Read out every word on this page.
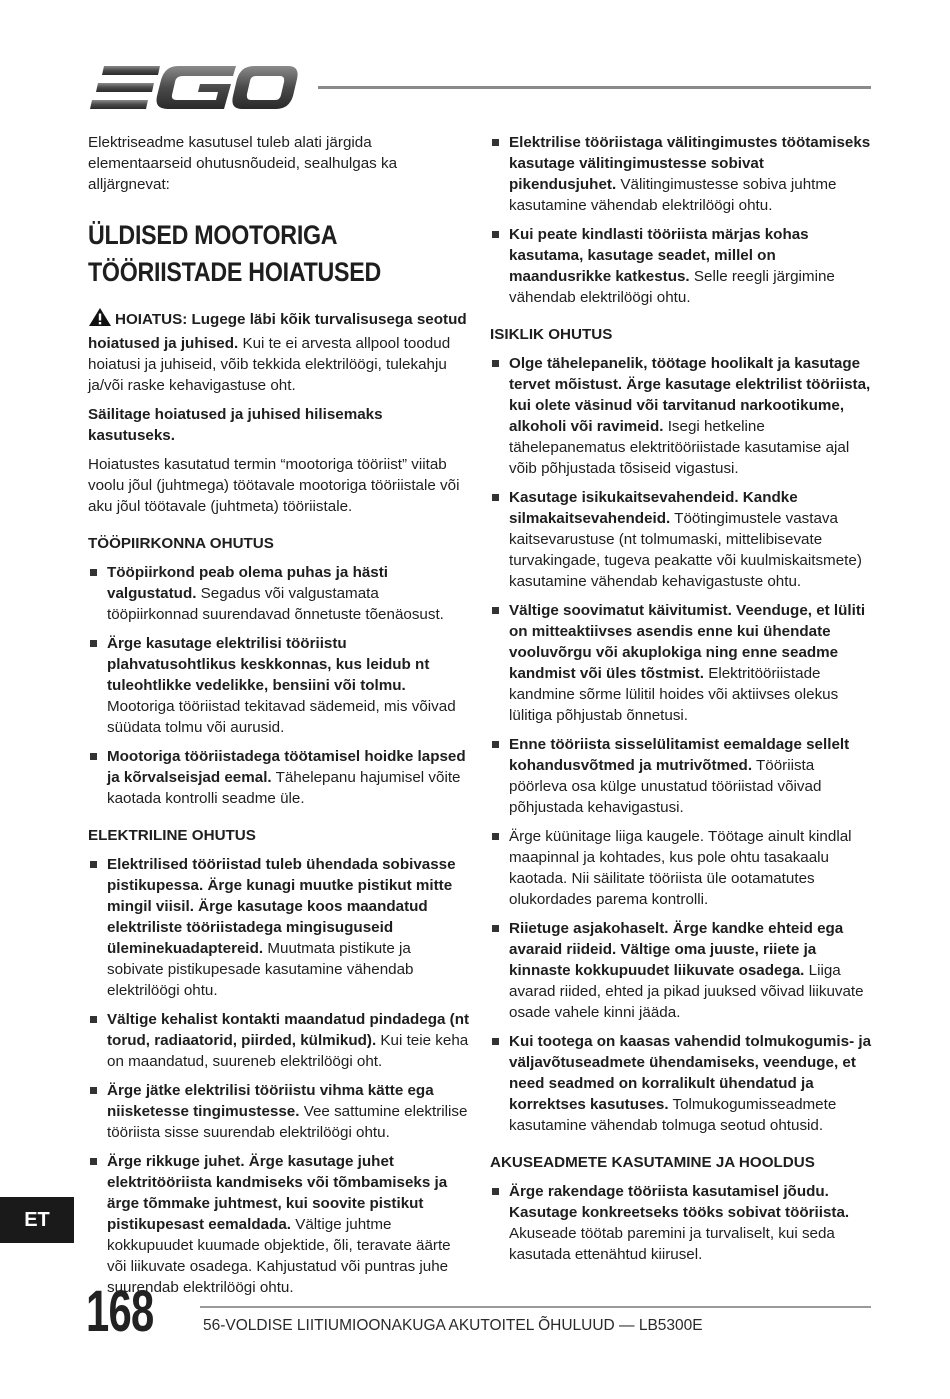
Elektriseadme kasutusel tuleb alati järgida elementaarseid ohutusnõudeid, sealhulgas ka alljärgnevat:

ÜLDISED MOOTORIGA TÖÖRIISTADE HOIATUSED

HOIATUS: Lugege läbi kõik turvalisusega seotud hoiatused ja juhised. Kui te ei arvesta allpool toodud hoiatusi ja juhiseid, võib tekkida elektrilöögi, tulekahju ja/või raske kehavigastuse oht.

Säilitage hoiatused ja juhised hilisemaks kasutuseks.

Hoiatustes kasutatud termin “mootoriga tööriist” viitab voolu jõul (juhtmega) töötavale mootoriga tööriistale või aku jõul töötavale (juhtmeta) tööriistale.

TÖÖPIIRKONNA OHUTUS
Tööpiirkond peab olema puhas ja hästi valgustatud. Segadus või valgustamata tööpiirkonnad suurendavad õnnetuste tõenäosust.
Ärge kasutage elektrilisi tööriistu plahvatusohtlikus keskkonnas, kus leidub nt tuleohtlikke vedelikke, bensiini või tolmu. Mootoriga tööriistad tekitavad sädemeid, mis võivad süüdata tolmu või aurusid.
Mootoriga tööriistadega töötamisel hoidke lapsed ja kõrvalseisjad eemal. Tähelepanu hajumisel võite kaotada kontrolli seadme üle.
ELEKTRILINE OHUTUS
Elektrilised tööriistad tuleb ühendada sobivasse pistikupessa. Ärge kunagi muutke pistikut mitte mingil viisil. Ärge kasutage koos maandatud elektriliste tööriistadega mingisuguseid üleminekuadaptereid. Muutmata pistikute ja sobivate pistikupesade kasutamine vähendab elektrilöögi ohtu.
Vältige kehalist kontakti maandatud pindadega (nt torud, radiaatorid, piirded, külmikud). Kui teie keha on maandatud, suureneb elektrilöögi oht.
Ärge jätke elektrilisi tööriistu vihma kätte ega niisketesse tingimustesse. Vee sattumine elektrilise tööriista sisse suurendab elektrilöögi ohtu.
Ärge rikkuge juhet. Ärge kasutage juhet elektritööriista kandmiseks või tõmbamiseks ja ärge tõmmake juhtmest, kui soovite pistikut pistikupesast eemaldada. Vältige juhtme kokkupuudet kuumade objektide, õli, teravate äärte või liikuvate osadega. Kahjustatud või puntras juhe suurendab elektrilöögi ohtu.
Elektrilise tööriistaga välitingimustes töötamiseks kasutage välitingimustesse sobivat pikendusjuhet. Välitingimustesse sobiva juhtme kasutamine vähendab elektrilöögi ohtu.
Kui peate kindlasti tööriista märjas kohas kasutama, kasutage seadet, millel on maandusrikke katkestus. Selle reegli järgimine vähendab elektrilöögi ohtu.
ISIKLIK OHUTUS
Olge tähelepanelik, töötage hoolikalt ja kasutage tervet mõistust. Ärge kasutage elektrilist tööriista, kui olete väsinud või tarvitanud narkootikume, alkoholi või ravimeid. Isegi hetkeline tähelepanematus elektritööriistade kasutamise ajal võib põhjustada tõsiseid vigastusi.
Kasutage isikukaitsevahendeid. Kandke silmakaitsevahendeid. Töötingimustele vastava kaitsevarustuse (nt tolmumaski, mittelibisevate turvakingade, tugeva peakatte või kuulmiskaitsmete) kasutamine vähendab kehavigastuste ohtu.
Vältige soovimatut käivitumist. Veenduge, et lüliti on mitteaktiivses asendis enne kui ühendate vooluvõrgu või akuplokiga ning enne seadme kandmist või üles tõstmist. Elektritööriistade kandmine sõrme lülitil hoides või aktiivses olekus lülitiga põhjustab õnnetusi.
Enne tööriista sisselülitamist eemaldage sellelt kohandusvõtmed ja mutrivõtmed. Tööriista pöörleva osa külge unustatud tööriistad võivad põhjustada kehavigastusi.
Ärge küünitage liiga kaugele. Töötage ainult kindlal maapinnal ja kohtades, kus pole ohtu tasakaalu kaotada. Nii säilitate tööriista üle ootamatutes olukordades parema kontrolli.
Riietuge asjakohaselt. Ärge kandke ehteid ega avaraid riideid. Vältige oma juuste, riiete ja kinnaste kokkupuudet liikuvate osadega. Liiga avarad riided, ehted ja pikad juuksed võivad liikuvate osade vahele kinni jääda.
Kui tootega on kaasas vahendid tolmukogumis- ja väljavõtuseadmete ühendamiseks, veenduge, et need seadmed on korralikult ühendatud ja korrektses kasutuses. Tolmukogumisseadmete kasutamine vähendab tolmuga seotud ohtusid.
AKUSEADMETE KASUTAMINE JA HOOLDUS
Ärge rakendage tööriista kasutamisel jõudu. Kasutage konkreetseks tööks sobivat tööriista. Akuseade töötab paremini ja turvaliselt, kui seda kasutada ettenähtud kiirusel.
ET
168	56-VOLDISE LIITIUMIOONAKUGA AKUTOITEL ÕHULUUD — LB5300E
